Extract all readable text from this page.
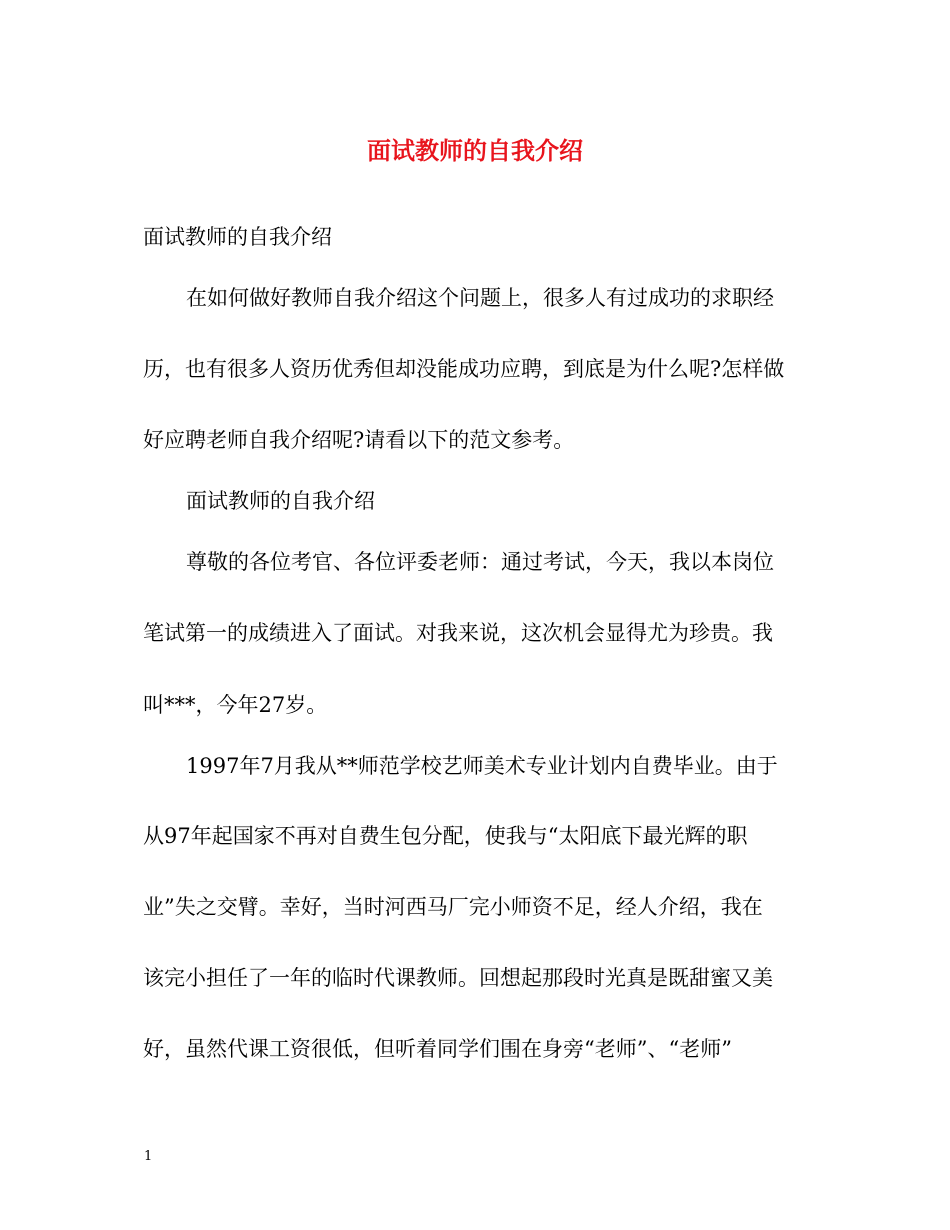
面试教师的自我介绍
面试教师的自我介绍
在如何做好教师自我介绍这个问题上，很多人有过成功的求职经
历，也有很多人资历优秀但却没能成功应聘，到底是为什么呢?怎样做
好应聘老师自我介绍呢?请看以下的范文参考。
面试教师的自我介绍
尊敬的各位考官、各位评委老师：通过考试，今天，我以本岗位
笔试第一的成绩进入了面试。对我来说，这次机会显得尤为珍贵。我
叫***，今年27岁。
1997年7月我从**师范学校艺师美术专业计划内自费毕业。由于
从97年起国家不再对自费生包分配，使我与“太阳底下最光辉的职
业”失之交臂。幸好，当时河西马厂完小师资不足，经人介绍，我在
该完小担任了一年的临时代课教师。回想起那段时光真是既甜蜜又美
好，虽然代课工资很低，但听着同学们围在身旁“老师”、“老师”
1
